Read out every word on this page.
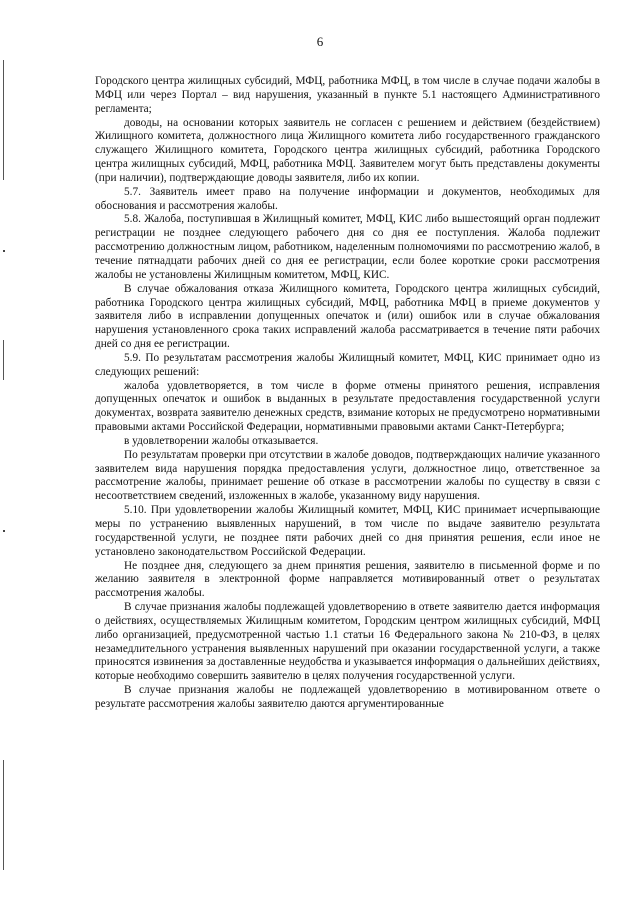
6

Городского центра жилищных субсидий, МФЦ, работника МФЦ, в том числе в случае подачи жалобы в МФЦ или через Портал – вид нарушения, указанный в пункте 5.1 настоящего Административного регламента;

доводы, на основании которых заявитель не согласен с решением и действием (бездействием) Жилищного комитета, должностного лица Жилищного комитета либо государственного гражданского служащего Жилищного комитета, Городского центра жилищных субсидий, работника Городского центра жилищных субсидий, МФЦ, работника МФЦ. Заявителем могут быть представлены документы (при наличии), подтверждающие доводы заявителя, либо их копии.

5.7. Заявитель имеет право на получение информации и документов, необходимых для обоснования и рассмотрения жалобы.

5.8. Жалоба, поступившая в Жилищный комитет, МФЦ, КИС либо вышестоящий орган подлежит регистрации не позднее следующего рабочего дня со дня ее поступления. Жалоба подлежит рассмотрению должностным лицом, работником, наделенным полномочиями по рассмотрению жалоб, в течение пятнадцати рабочих дней со дня ее регистрации, если более короткие сроки рассмотрения жалобы не установлены Жилищным комитетом, МФЦ, КИС.

В случае обжалования отказа Жилищного комитета, Городского центра жилищных субсидий, работника Городского центра жилищных субсидий, МФЦ, работника МФЦ в приеме документов у заявителя либо в исправлении допущенных опечаток и (или) ошибок или в случае обжалования нарушения установленного срока таких исправлений жалоба рассматривается в течение пяти рабочих дней со дня ее регистрации.

5.9. По результатам рассмотрения жалобы Жилищный комитет, МФЦ, КИС принимает одно из следующих решений:

жалоба удовлетворяется, в том числе в форме отмены принятого решения, исправления допущенных опечаток и ошибок в выданных в результате предоставления государственной услуги документах, возврата заявителю денежных средств, взимание которых не предусмотрено нормативными правовыми актами Российской Федерации, нормативными правовыми актами Санкт-Петербурга;

в удовлетворении жалобы отказывается.

По результатам проверки при отсутствии в жалобе доводов, подтверждающих наличие указанного заявителем вида нарушения порядка предоставления услуги, должностное лицо, ответственное за рассмотрение жалобы, принимает решение об отказе в рассмотрении жалобы по существу в связи с несоответствием сведений, изложенных в жалобе, указанному виду нарушения.

5.10. При удовлетворении жалобы Жилищный комитет, МФЦ, КИС принимает исчерпывающие меры по устранению выявленных нарушений, в том числе по выдаче заявителю результата государственной услуги, не позднее пяти рабочих дней со дня принятия решения, если иное не установлено законодательством Российской Федерации.

Не позднее дня, следующего за днем принятия решения, заявителю в письменной форме и по желанию заявителя в электронной форме направляется мотивированный ответ о результатах рассмотрения жалобы.

В случае признания жалобы подлежащей удовлетворению в ответе заявителю дается информация о действиях, осуществляемых Жилищным комитетом, Городским центром жилищных субсидий, МФЦ либо организацией, предусмотренной частью 1.1 статьи 16 Федерального закона № 210-ФЗ, в целях незамедлительного устранения выявленных нарушений при оказании государственной услуги, а также приносятся извинения за доставленные неудобства и указывается информация о дальнейших действиях, которые необходимо совершить заявителю в целях получения государственной услуги.

В случае признания жалобы не подлежащей удовлетворению в мотивированном ответе о результате рассмотрения жалобы заявителю даются аргументированные
